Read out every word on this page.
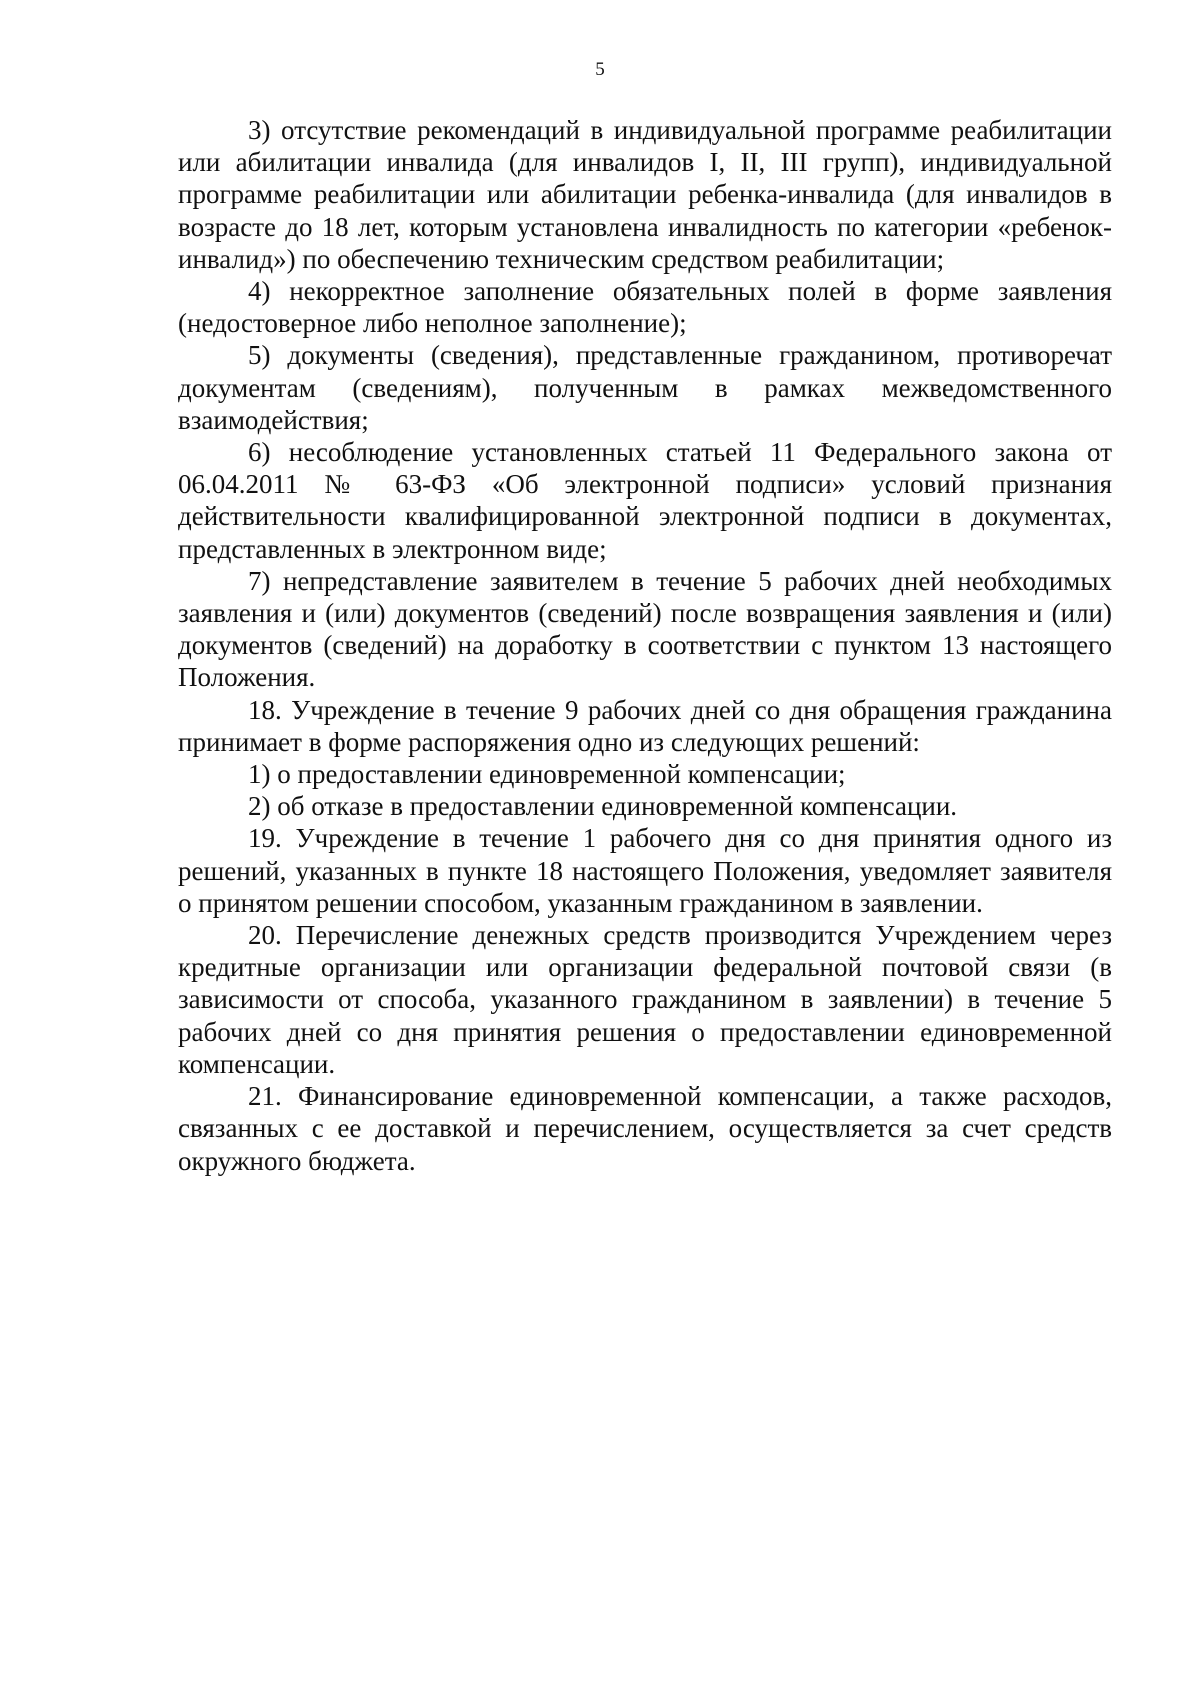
5

3) отсутствие рекомендаций в индивидуальной программе реабилитации или абилитации инвалида (для инвалидов I, II, III групп), индивидуальной программе реабилитации или абилитации ребенка-инвалида (для инвалидов в возрасте до 18 лет, которым установлена инвалидность по категории «ребенок-инвалид») по обеспечению техническим средством реабилитации;

4) некорректное заполнение обязательных полей в форме заявления (недостоверное либо неполное заполнение);

5) документы (сведения), представленные гражданином, противоречат документам (сведениям), полученным в рамках межведомственного взаимодействия;

6) несоблюдение установленных статьей 11 Федерального закона от 06.04.2011 № 63-ФЗ «Об электронной подписи» условий признания действительности квалифицированной электронной подписи в документах, представленных в электронном виде;

7) непредставление заявителем в течение 5 рабочих дней необходимых заявления и (или) документов (сведений) после возвращения заявления и (или) документов (сведений) на доработку в соответствии с пунктом 13 настоящего Положения.

18. Учреждение в течение 9 рабочих дней со дня обращения гражданина принимает в форме распоряжения одно из следующих решений:

1) о предоставлении единовременной компенсации;

2) об отказе в предоставлении единовременной компенсации.

19. Учреждение в течение 1 рабочего дня со дня принятия одного из решений, указанных в пункте 18 настоящего Положения, уведомляет заявителя о принятом решении способом, указанным гражданином в заявлении.

20. Перечисление денежных средств производится Учреждением через кредитные организации или организации федеральной почтовой связи (в зависимости от способа, указанного гражданином в заявлении) в течение 5 рабочих дней со дня принятия решения о предоставлении единовременной компенсации.

21. Финансирование единовременной компенсации, а также расходов, связанных с ее доставкой и перечислением, осуществляется за счет средств окружного бюджета.
